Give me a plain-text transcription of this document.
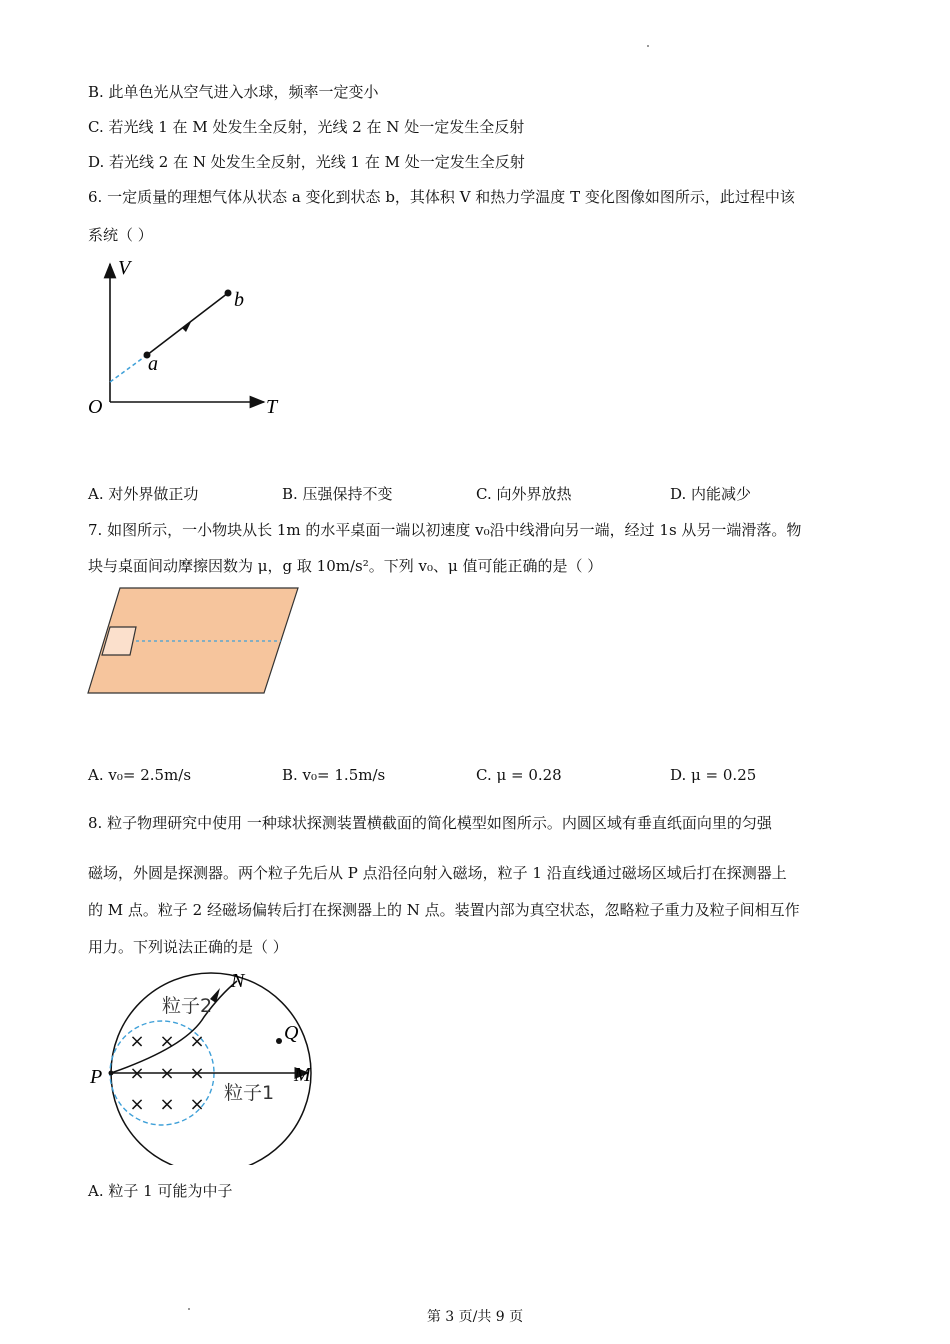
B. 此单色光从空气进入水球，频率一定变小
C. 若光线 1 在 M 处发生全反射，光线 2 在 N 处一定发生全反射
D. 若光线 2 在 N 处发生全反射，光线 1 在 M 处一定发生全反射
6. 一定质量的理想气体从状态 a 变化到状态 b，其体积 V 和热力学温度 T 变化图像如图所示，此过程中该
系统（ ）
V
T
O
a
b
A. 对外界做正功	B. 压强保持不变	C. 向外界放热	D. 内能减少
7. 如图所示，一小物块从长 1m 的水平桌面一端以初速度 v₀沿中线滑向另一端，经过 1s 从另一端滑落。物
块与桌面间动摩擦因数为 μ，g 取 10m/s²。下列 v₀、μ 值可能正确的是（ ）
A. v₀= 2.5m/s	B. v₀= 1.5m/s	C. μ = 0.28	D. μ = 0.25
8. 粒子物理研究中使用 一种球状探测装置横截面的简化模型如图所示。内圆区域有垂直纸面向里的匀强
磁场，外圆是探测器。两个粒子先后从 P 点沿径向射入磁场，粒子 1 沿直线通过磁场区域后打在探测器上
的 M 点。粒子 2 经磁场偏转后打在探测器上的 N 点。装置内部为真空状态，忽略粒子重力及粒子间相互作
用力。下列说法正确的是（ ）
× × ×
× × ×
× × ×
N
Q
P	M
粒子2
粒子1
A. 粒子 1 可能为中子
第 3 页/共 9 页
